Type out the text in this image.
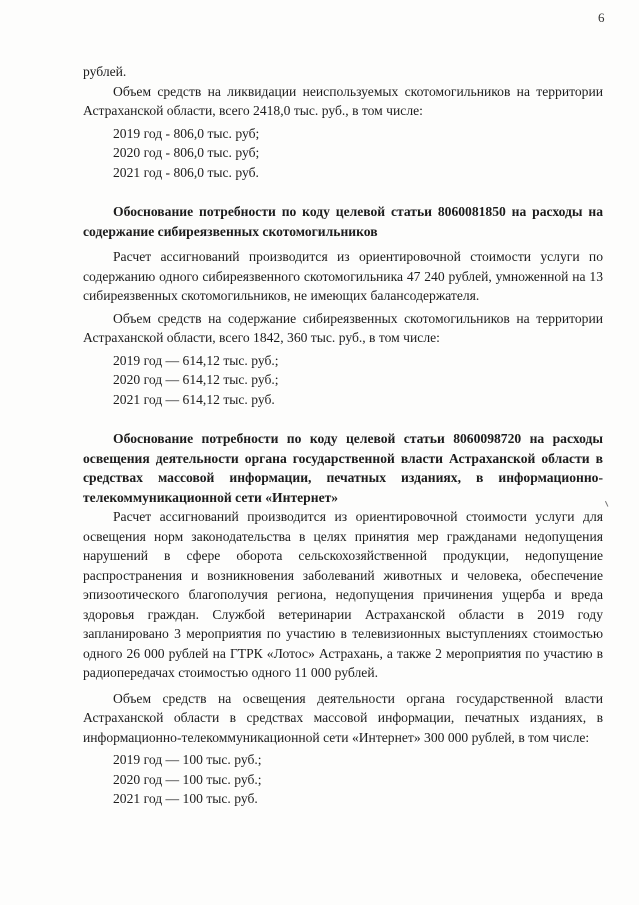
6

рублей.

Объем средств на ликвидации неиспользуемых скотомогильников на территории Астраханской области, всего 2418,0 тыс. руб., в том числе:

2019 год - 806,0 тыс. руб;
2020 год - 806,0 тыс. руб;
2021 год - 806,0 тыс. руб.

Обоснование потребности по коду целевой статьи 8060081850 на расходы на содержание сибиреязвенных скотомогильников

Расчет ассигнований производится из ориентировочной стоимости услуги по содержанию одного сибиреязвенного скотомогильника 47 240 рублей, умноженной на 13 сибиреязвенных скотомогильников, не имеющих балансодержателя.

Объем средств на содержание сибиреязвенных скотомогильников на территории Астраханской области, всего 1842, 360 тыс. руб., в том числе:

2019 год — 614,12 тыс. руб.;
2020 год — 614,12 тыс. руб.;
2021 год — 614,12 тыс. руб.

Обоснование потребности по коду целевой статьи 8060098720 на расходы освещения деятельности органа государственной власти Астраханской области в средствах массовой информации, печатных изданиях, в информационно-телекоммуникационной сети «Интернет»

Расчет ассигнований производится из ориентировочной стоимости услуги для освещения норм законодательства в целях принятия мер гражданами недопущения нарушений в сфере оборота сельскохозяйственной продукции, недопущение распространения и возникновения заболеваний животных и человека, обеспечение эпизоотического благополучия региона, недопущения причинения ущерба и вреда здоровья граждан. Службой ветеринарии Астраханской области в 2019 году запланировано 3 мероприятия по участию в телевизионных выступлениях стоимостью одного 26 000 рублей на ГТРК «Лотос» Астрахань, а также 2 мероприятия по участию в радиопередачах стоимостью одного 11 000 рублей.

Объем средств на освещения деятельности органа государственной власти Астраханской области в средствах массовой информации, печатных изданиях, в информационно-телекоммуникационной сети «Интернет» 300 000 рублей, в том числе:

2019 год — 100 тыс. руб.;
2020 год — 100 тыс. руб.;
2021 год — 100 тыс. руб.
